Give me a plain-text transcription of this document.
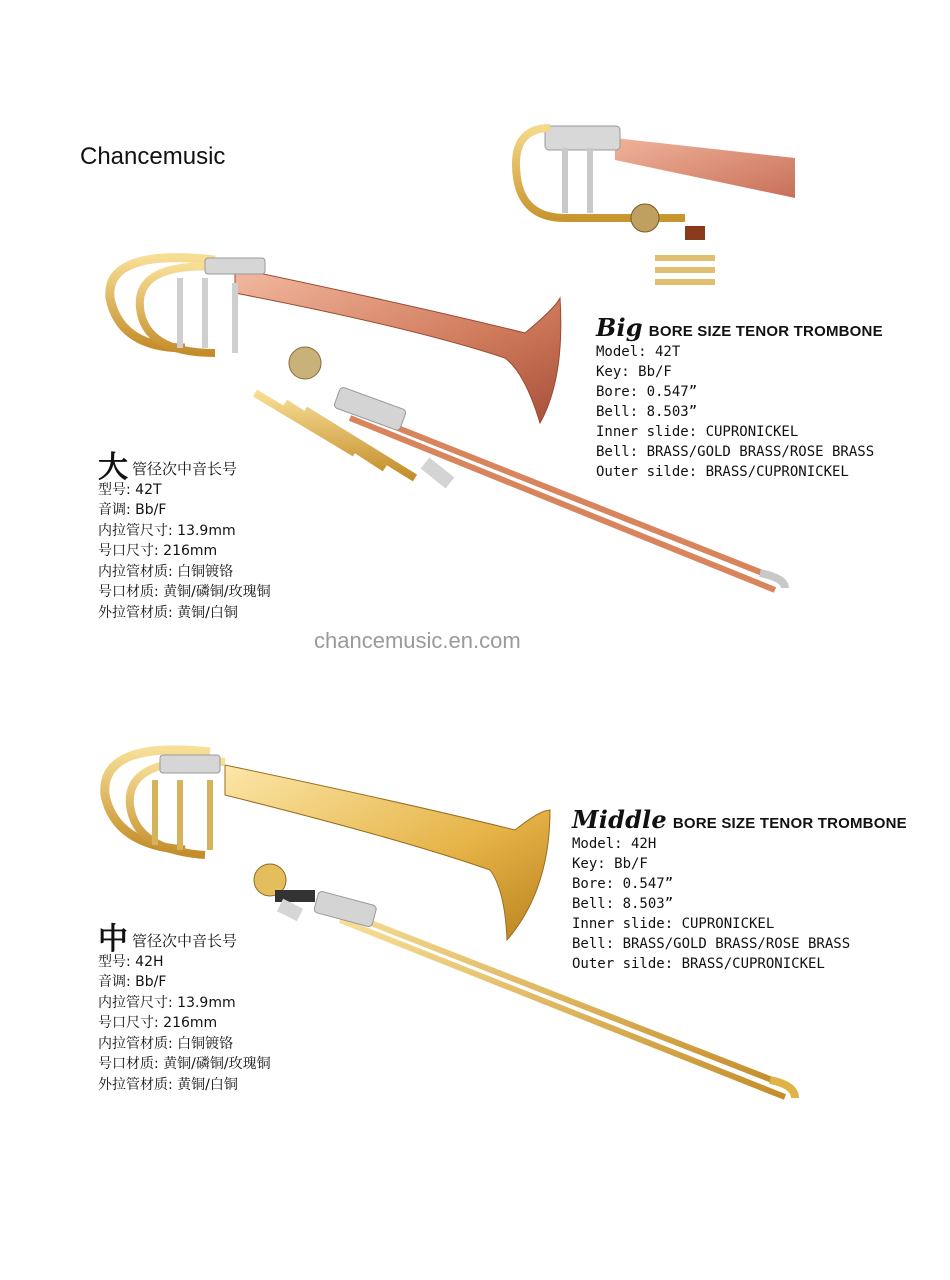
Chancemusic
Big BORE SIZE TENOR TROMBONE
Model: 42T
Key: Bb/F
Bore: 0.547”
Bell: 8.503”
Inner slide: CUPRONICKEL
Bell: BRASS/GOLD BRASS/ROSE BRASS
Outer silde: BRASS/CUPRONICKEL
大管径次中音长号
型号: 42T
音调: Bb/F
内拉管尺寸: 13.9mm
号口尺寸: 216mm
内拉管材质: 白铜镀铬
号口材质: 黄铜/磷铜/玫瑰铜
外拉管材质: 黄铜/白铜
chancemusic.en.com
Middle BORE SIZE TENOR TROMBONE
Model: 42H
Key: Bb/F
Bore: 0.547”
Bell: 8.503”
Inner slide: CUPRONICKEL
Bell: BRASS/GOLD BRASS/ROSE BRASS
Outer silde: BRASS/CUPRONICKEL
中管径次中音长号
型号: 42H
音调: Bb/F
内拉管尺寸: 13.9mm
号口尺寸: 216mm
内拉管材质: 白铜镀铬
号口材质: 黄铜/磷铜/玫瑰铜
外拉管材质: 黄铜/白铜
